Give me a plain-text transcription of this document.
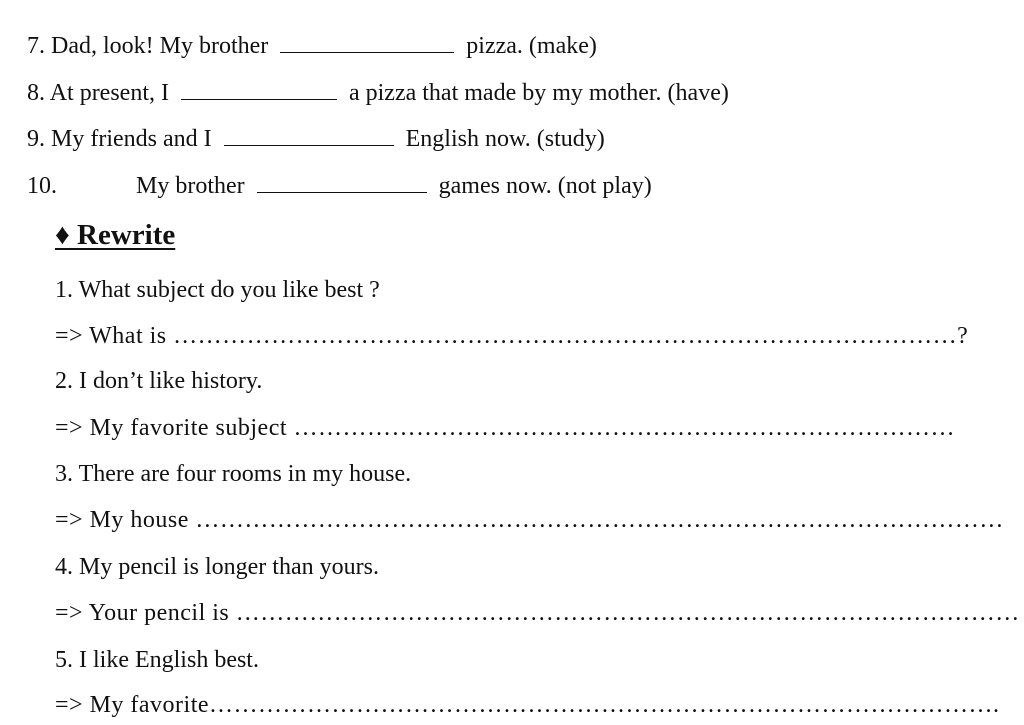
7. Dad, look! My brother	pizza. (make)
8. At present, I	a pizza that made by my mother. (have)
9. My friends and I	English now. (study)
10.	My brother	games now. (not play)
♦ Rewrite
1. What subject do you like best ?
=> What is ……………………………………………………………………………………?
2. I don’t like history.
=> My favorite subject ………………………………………………………………………
3. There are four rooms in my house.
=> My house ………………………………………………………………………………………
4. My pencil is longer than yours.
=> Your pencil is ……………………………………………………………………………………
5. I like English best.
=> My favorite…………………………………………………………………………………….
